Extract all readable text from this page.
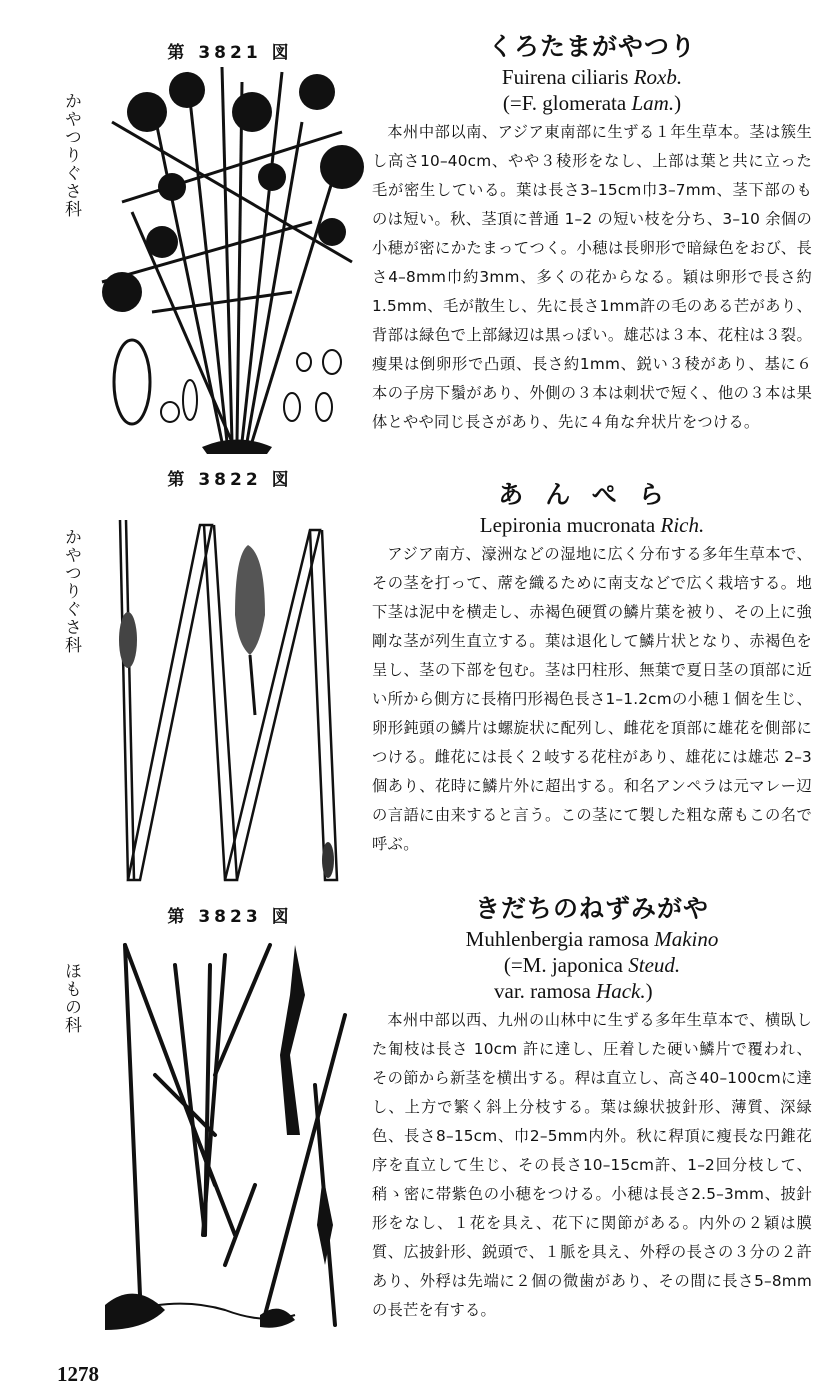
第 3821 図
かやつりぐさ科
くろたまがやつり
Fuirena ciliaris Roxb.
(=F. glomerata Lam.)
本州中部以南、アジア東南部に生ずる１年生草本。茎は簇生し高さ10–40cm、やや３稜形をなし、上部は葉と共に立った毛が密生している。葉は長さ3–15cm巾3–7mm、茎下部のものは短い。秋、茎頂に普通 1–2 の短い枝を分ち、3–10 余個の小穂が密にかたまってつく。小穂は長卵形で暗緑色をおび、長さ4–8mm巾約3mm、多くの花からなる。穎は卵形で長さ約1.5mm、毛が散生し、先に長さ1mm許の毛のある芒があり、背部は緑色で上部縁辺は黒っぽい。雄芯は３本、花柱は３裂。瘦果は倒卵形で凸頭、長さ約1mm、鋭い３稜があり、基に６本の子房下鬚があり、外側の３本は刺状で短く、他の３本は果体とやや同じ長さがあり、先に４角な弁状片をつける。
第 3822 図
かやつりぐさ科
あんぺら
Lepironia mucronata Rich.
アジア南方、濠洲などの湿地に広く分布する多年生草本で、その茎を打って、蓆を織るために南支などで広く栽培する。地下茎は泥中を横走し、赤褐色硬質の鱗片葉を被り、その上に強剛な茎が列生直立する。葉は退化して鱗片状となり、赤褐色を呈し、茎の下部を包む。茎は円柱形、無葉で夏日茎の頂部に近い所から側方に長楕円形褐色長さ1–1.2cmの小穂１個を生じ、卵形鈍頭の鱗片は螺旋状に配列し、雌花を頂部に雄花を側部につける。雌花には長く２岐する花柱があり、雄花には雄芯 2–3 個あり、花時に鱗片外に超出する。和名アンペラは元マレー辺の言語に由来すると言う。この茎にて製した粗な蓆もこの名で呼ぶ。
第 3823 図
ほもの科
きだちのねずみがや
Muhlenbergia ramosa Makino
(=M. japonica Steud.
var. ramosa Hack.)
本州中部以西、九州の山林中に生ずる多年生草本で、横臥した匍枝は長さ 10cm 許に達し、圧着した硬い鱗片で覆われ、その節から新茎を横出する。稈は直立し、高さ40–100cmに達し、上方で繁く斜上分枝する。葉は線状披針形、薄質、深緑色、長さ8–15cm、巾2–5mm内外。秋に稈頂に瘦長な円錐花序を直立して生じ、その長さ10–15cm許、1–2回分枝して、稍ゝ密に帯紫色の小穂をつける。小穂は長さ2.5–3mm、披針形をなし、１花を具え、花下に関節がある。内外の２穎は膜質、広披針形、鋭頭で、１脈を具え、外稃の長さの３分の２許あり、外稃は先端に２個の微歯があり、その間に長さ5–8mmの長芒を有する。
1278
